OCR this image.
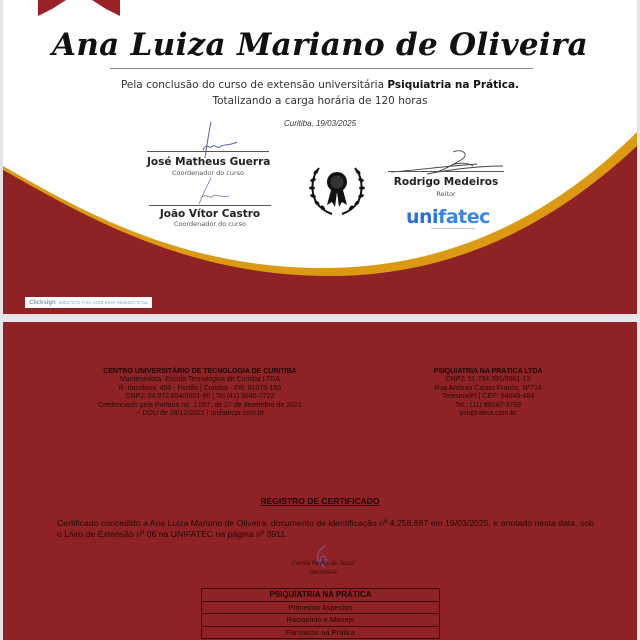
Ana Luiza Mariano de Oliveira
Pela conclusão do curso de extensão universitária Psiquiatria na Prática.
Totalizando a carga horária de 120 horas
Curitiba, 19/03/2025
José Matheus Guerra
Coordenador do curso
João Vítor Castro
Coordenador do curso
Rodrigo Medeiros
Reitor
unifatec
Clicksign 88ba7075-f798-4328-9930-5bd066f787aa
CENTRO UNIVERSITÁRIO DE TECNOLOGIA DE CURITIBA
Mantenedora: Escola Tecnológica de Curitiba LTDA
R. Itacolomi, 450 - Portão | Curitiba - PR, 81070-150
CNPJ: 04.972.854/0001-90 | Tel (41) 3246-7722
Credenciado pela Portaria no. 1.057, de 27 de dezembro de 2021
-- DOU de 28/12/2021 | unifatecpr.com.br
PSIQUIATRIA NA PRÁTICA LTDA
CNPJ: 51.784.391/0001-13
Rua Antônio Castro Franco, Nº714
Teresina/PI | CEP: 64049-484
Tel.: (11) 99247-3783
psiqpratica.com.br
REGISTRO DE CERTIFICADO
Certificado concedido a Ana Luiza Mariano de Oliveira, documento de identificação nº 4.258.687 em 19/03/2025, e anotado nesta data, sob o Livro de Extensão nº 06 na UNIFATEC na página nº 3911.
Camila Neves de Jesus
Secretária
PSIQUIATRIA NA PRÁTICA
Primeiros Aspectos
Raciocínio e Manejo
Fármacos na Prática
